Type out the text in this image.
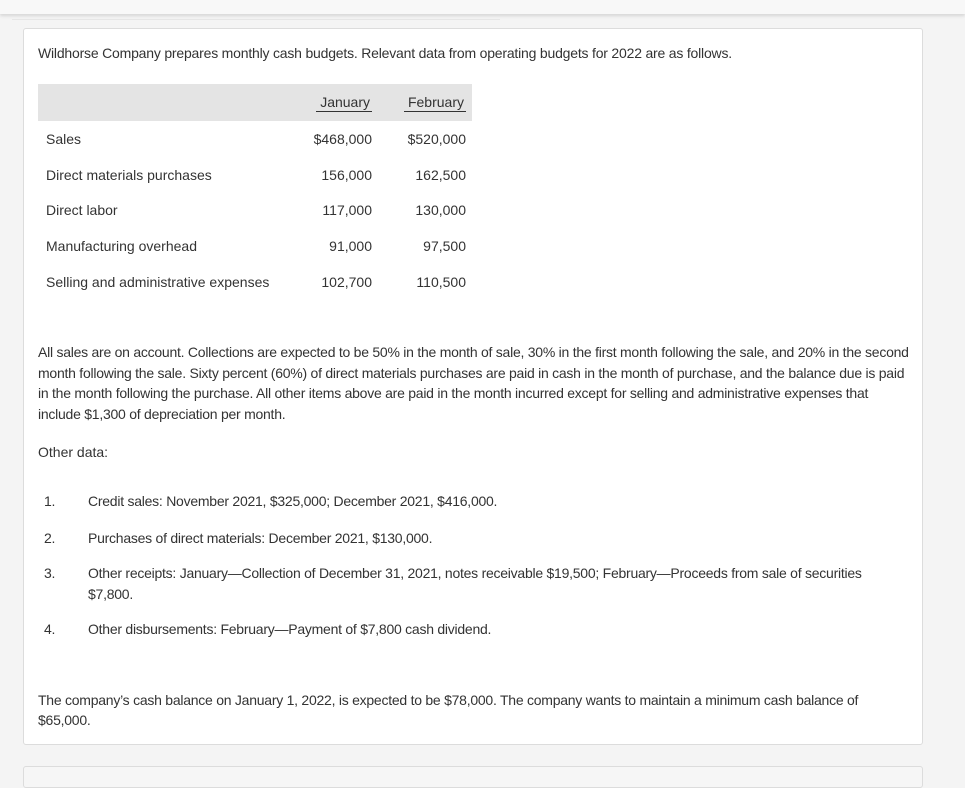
Wildhorse Company prepares monthly cash budgets. Relevant data from operating budgets for 2022 are as follows.
	January	February
Sales	$468,000	$520,000
Direct materials purchases	156,000	162,500
Direct labor	117,000	130,000
Manufacturing overhead	91,000	97,500
Selling and administrative expenses	102,700	110,500
All sales are on account. Collections are expected to be 50% in the month of sale, 30% in the first month following the sale, and 20% in the second month following the sale. Sixty percent (60%) of direct materials purchases are paid in cash in the month of purchase, and the balance due is paid in the month following the purchase. All other items above are paid in the month incurred except for selling and administrative expenses that include $1,300 of depreciation per month.
Other data:
1. Credit sales: November 2021, $325,000; December 2021, $416,000.
2. Purchases of direct materials: December 2021, $130,000.
3. Other receipts: January—Collection of December 31, 2021, notes receivable $19,500; February—Proceeds from sale of securities $7,800.
4. Other disbursements: February—Payment of $7,800 cash dividend.
The company’s cash balance on January 1, 2022, is expected to be $78,000. The company wants to maintain a minimum cash balance of $65,000.
